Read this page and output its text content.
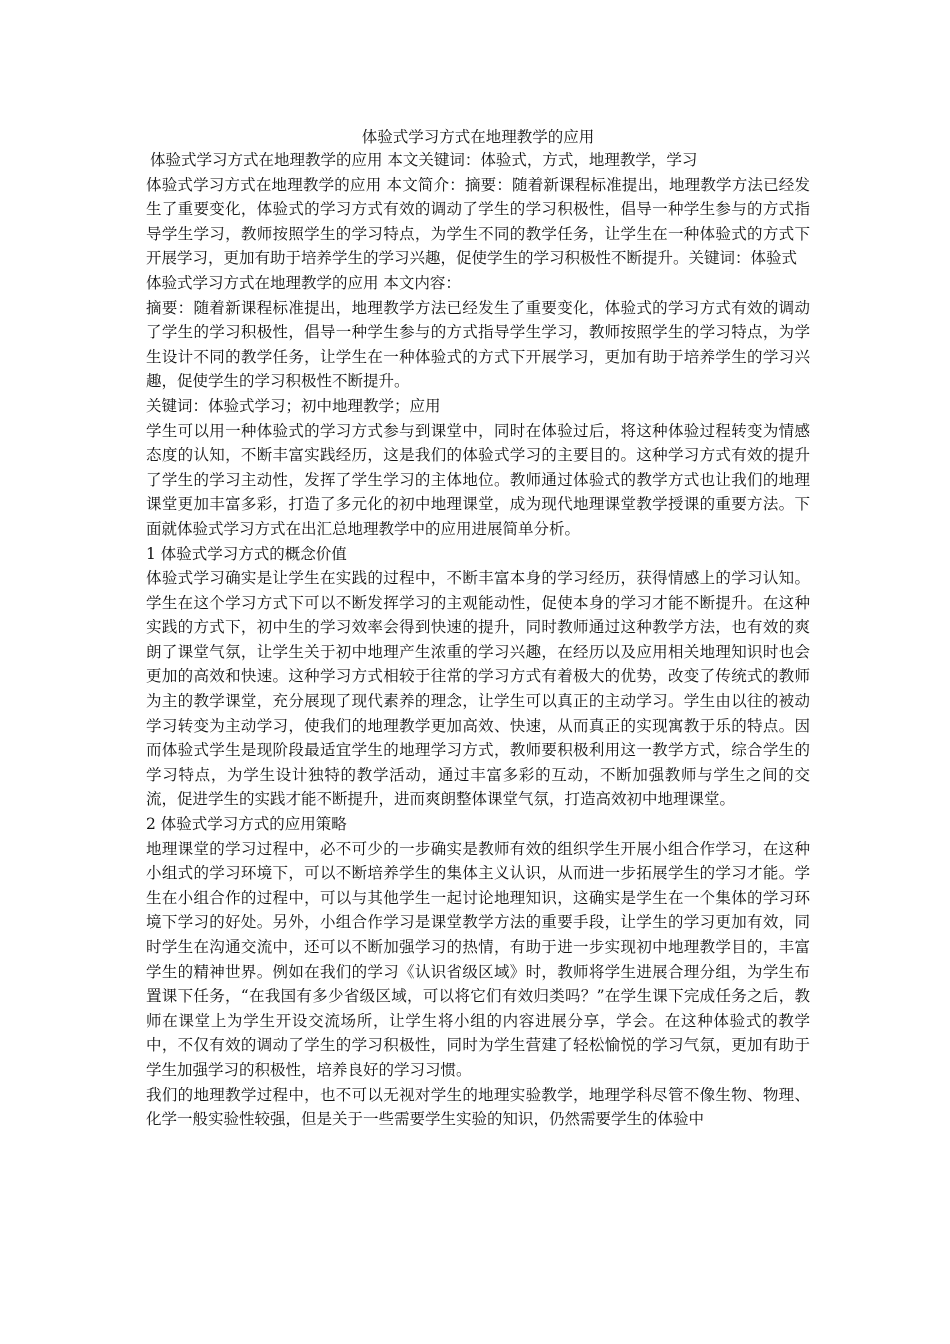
体验式学习方式在地理教学的应用

体验式学习方式在地理教学的应用 本文关键词：体验式，方式，地理教学，学习

体验式学习方式在地理教学的应用 本文简介：摘要：随着新课程标准提出，地理教学方法已经发生了重要变化，体验式的学习方式有效的调动了学生的学习积极性，倡导一种学生参与的方式指导学生学习，教师按照学生的学习特点，为学生不同的教学任务，让学生在一种体验式的方式下开展学习，更加有助于培养学生的学习兴趣，促使学生的学习积极性不断提升。关键词：体验式

体验式学习方式在地理教学的应用 本文内容：

摘要：随着新课程标准提出，地理教学方法已经发生了重要变化，体验式的学习方式有效的调动了学生的学习积极性，倡导一种学生参与的方式指导学生学习，教师按照学生的学习特点，为学生设计不同的教学任务，让学生在一种体验式的方式下开展学习，更加有助于培养学生的学习兴趣，促使学生的学习积极性不断提升。

关键词：体验式学习；初中地理教学；应用

学生可以用一种体验式的学习方式参与到课堂中，同时在体验过后，将这种体验过程转变为情感态度的认知，不断丰富实践经历，这是我们的体验式学习的主要目的。这种学习方式有效的提升了学生的学习主动性，发挥了学生学习的主体地位。教师通过体验式的教学方式也让我们的地理课堂更加丰富多彩，打造了多元化的初中地理课堂，成为现代地理课堂教学授课的重要方法。下面就体验式学习方式在出汇总地理教学中的应用进展简单分析。

1 体验式学习方式的概念价值

体验式学习确实是让学生在实践的过程中，不断丰富本身的学习经历，获得情感上的学习认知。学生在这个学习方式下可以不断发挥学习的主观能动性，促使本身的学习才能不断提升。在这种实践的方式下，初中生的学习效率会得到快速的提升，同时教师通过这种教学方法，也有效的爽朗了课堂气氛，让学生关于初中地理产生浓重的学习兴趣，在经历以及应用相关地理知识时也会更加的高效和快速。这种学习方式相较于往常的学习方式有着极大的优势，改变了传统式的教师为主的教学课堂，充分展现了现代素养的理念，让学生可以真正的主动学习。学生由以往的被动学习转变为主动学习，使我们的地理教学更加高效、快速，从而真正的实现寓教于乐的特点。因而体验式学生是现阶段最适宜学生的地理学习方式，教师要积极利用这一教学方式，综合学生的学习特点，为学生设计独特的教学活动，通过丰富多彩的互动，不断加强教师与学生之间的交流，促进学生的实践才能不断提升，进而爽朗整体课堂气氛，打造高效初中地理课堂。

2 体验式学习方式的应用策略

地理课堂的学习过程中，必不可少的一步确实是教师有效的组织学生开展小组合作学习，在这种小组式的学习环境下，可以不断培养学生的集体主义认识，从而进一步拓展学生的学习才能。学生在小组合作的过程中，可以与其他学生一起讨论地理知识，这确实是学生在一个集体的学习环境下学习的好处。另外，小组合作学习是课堂教学方法的重要手段，让学生的学习更加有效，同时学生在沟通交流中，还可以不断加强学习的热情，有助于进一步实现初中地理教学目的，丰富学生的精神世界。例如在我们的学习《认识省级区域》时，教师将学生进展合理分组，为学生布置课下任务，“在我国有多少省级区域，可以将它们有效归类吗？”在学生课下完成任务之后，教师在课堂上为学生开设交流场所，让学生将小组的内容进展分享，学会。在这种体验式的教学中，不仅有效的调动了学生的学习积极性，同时为学生营建了轻松愉悦的学习气氛，更加有助于学生加强学习的积极性，培养良好的学习习惯。

我们的地理教学过程中，也不可以无视对学生的地理实验教学，地理学科尽管不像生物、物理、化学一般实验性较强，但是关于一些需要学生实验的知识，仍然需要学生的体验中
